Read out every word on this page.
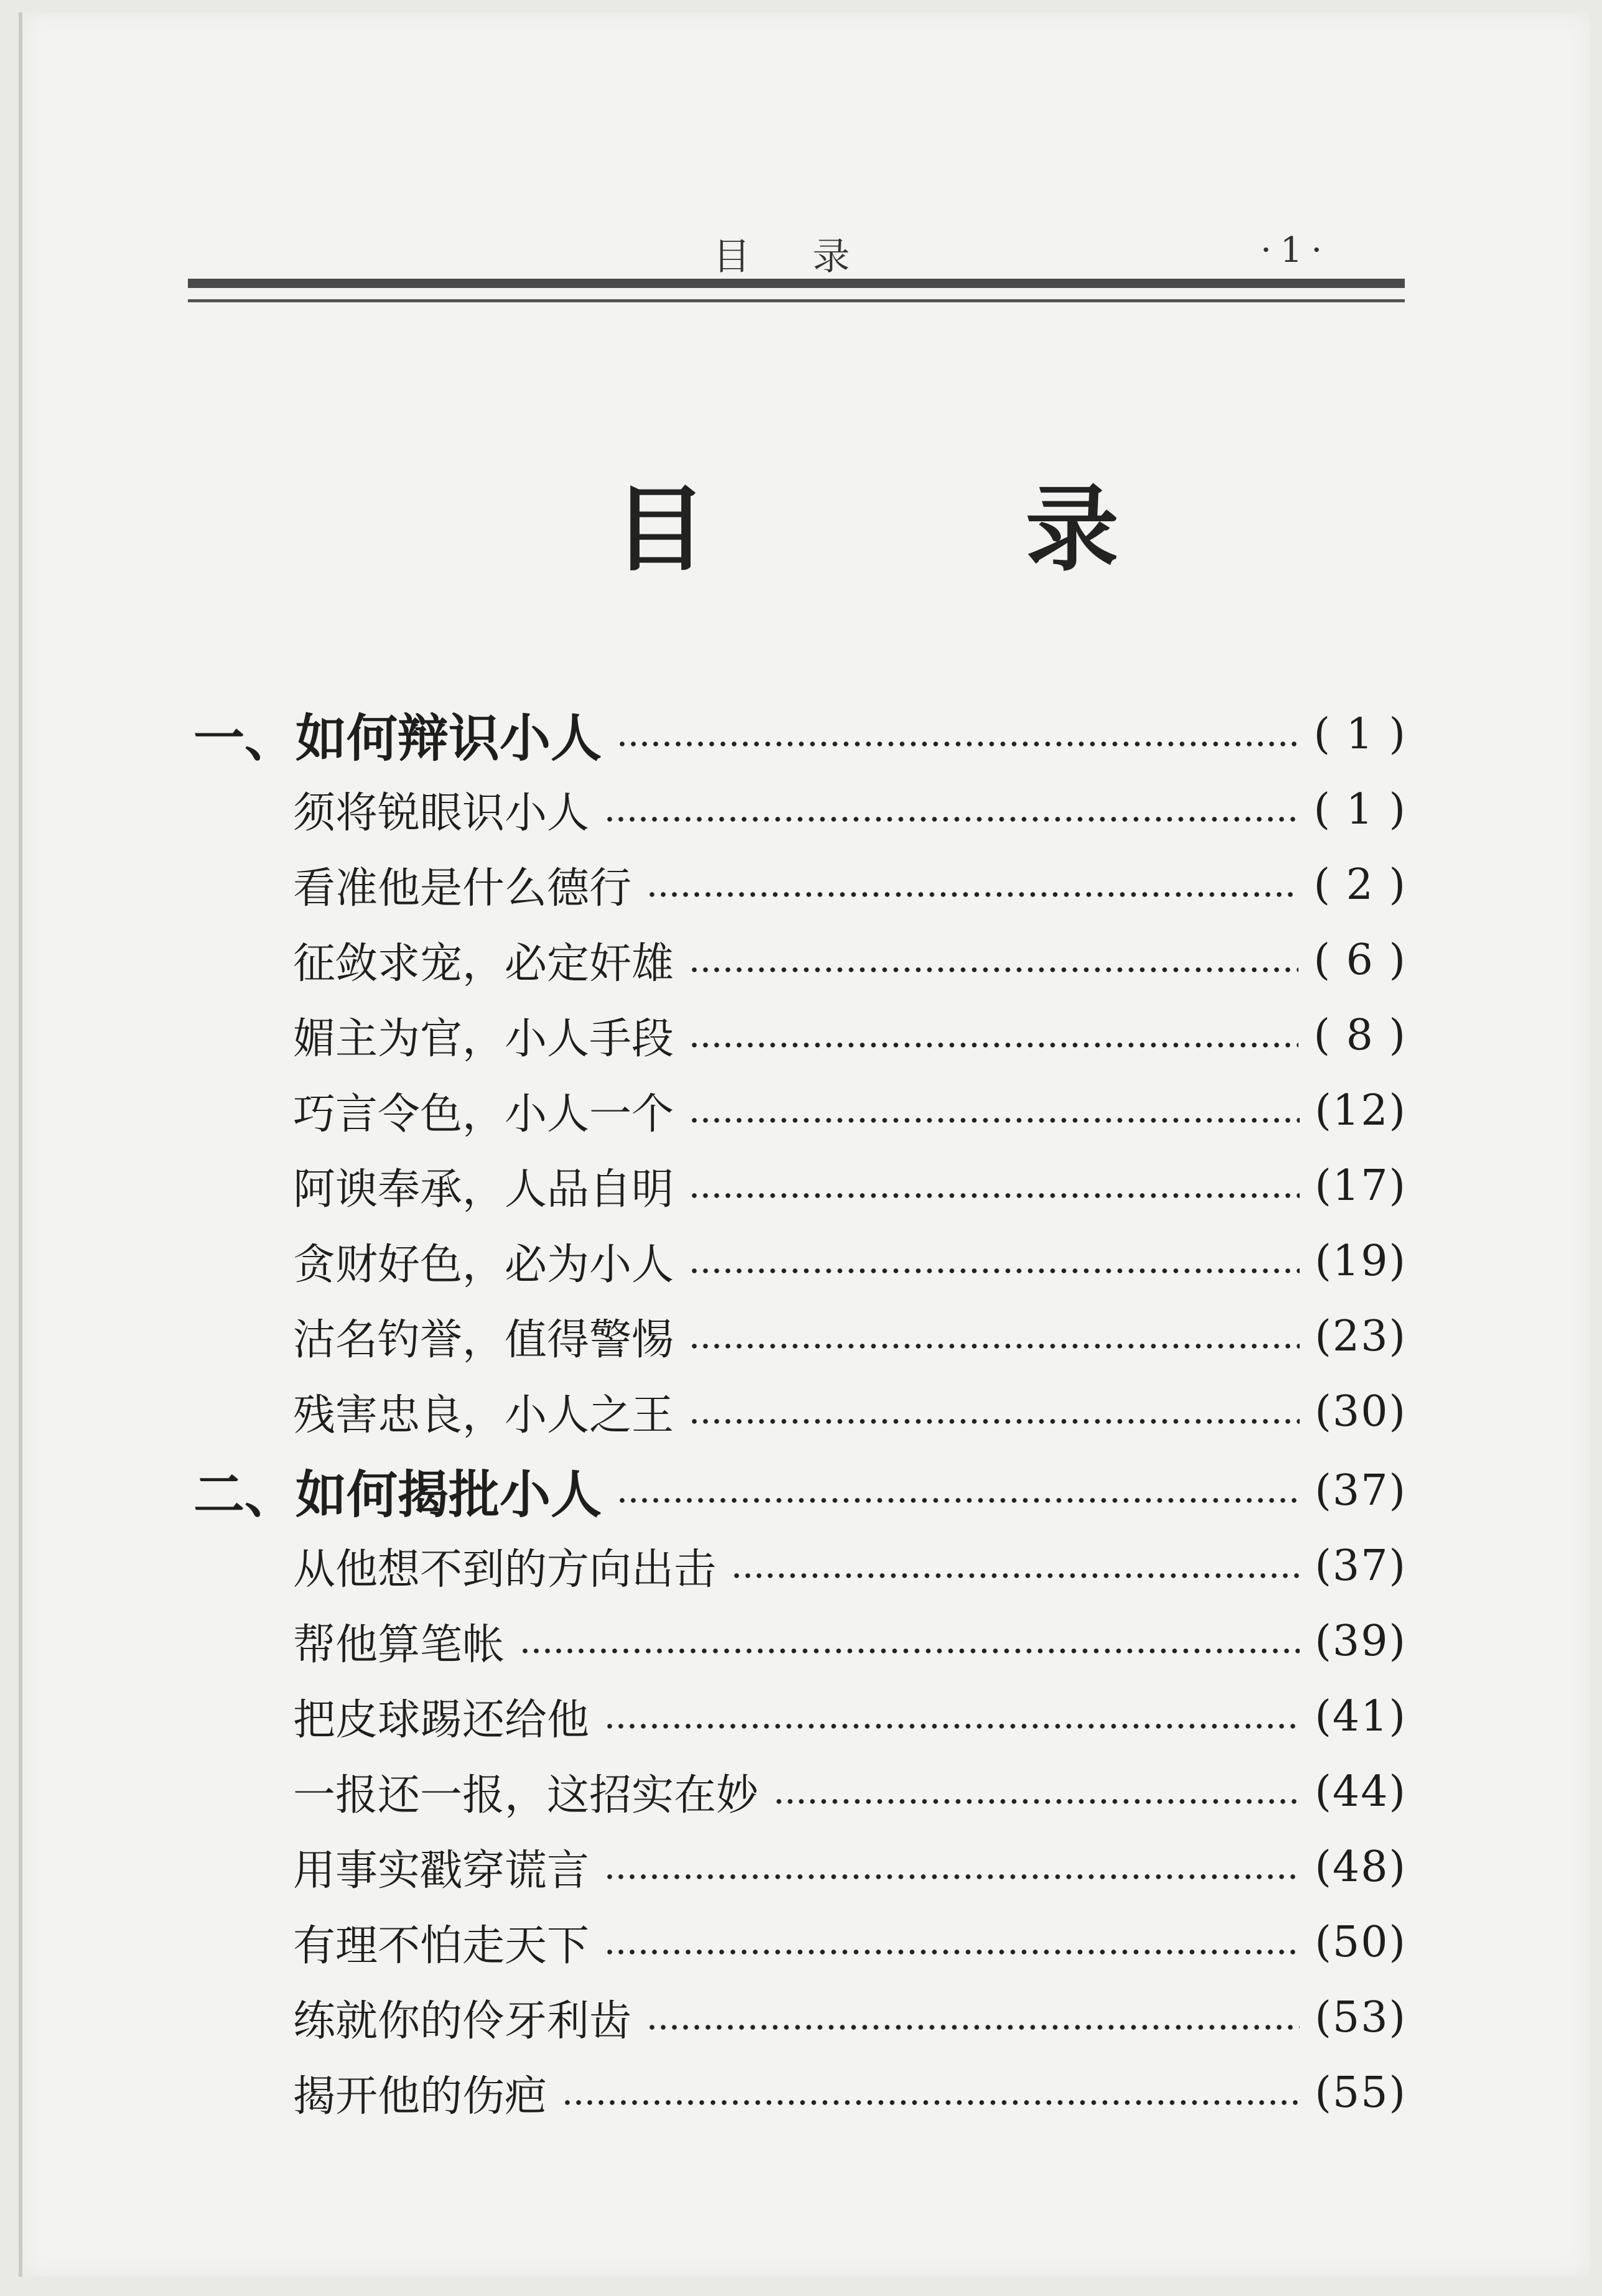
目录	·1·
目 录
一、如何辩识小人	( 1 )
须将锐眼识小人	( 1 )
看准他是什么德行	( 2 )
征敛求宠，必定奸雄	( 6 )
媚主为官，小人手段	( 8 )
巧言令色，小人一个	(12)
阿谀奉承，人品自明	(17)
贪财好色，必为小人	(19)
沽名钓誉，值得警惕	(23)
残害忠良，小人之王	(30)
二、如何揭批小人	(37)
从他想不到的方向出击	(37)
帮他算笔帐	(39)
把皮球踢还给他	(41)
一报还一报，这招实在妙	(44)
用事实戳穿谎言	(48)
有理不怕走天下	(50)
练就你的伶牙利齿	(53)
揭开他的伤疤	(55)
